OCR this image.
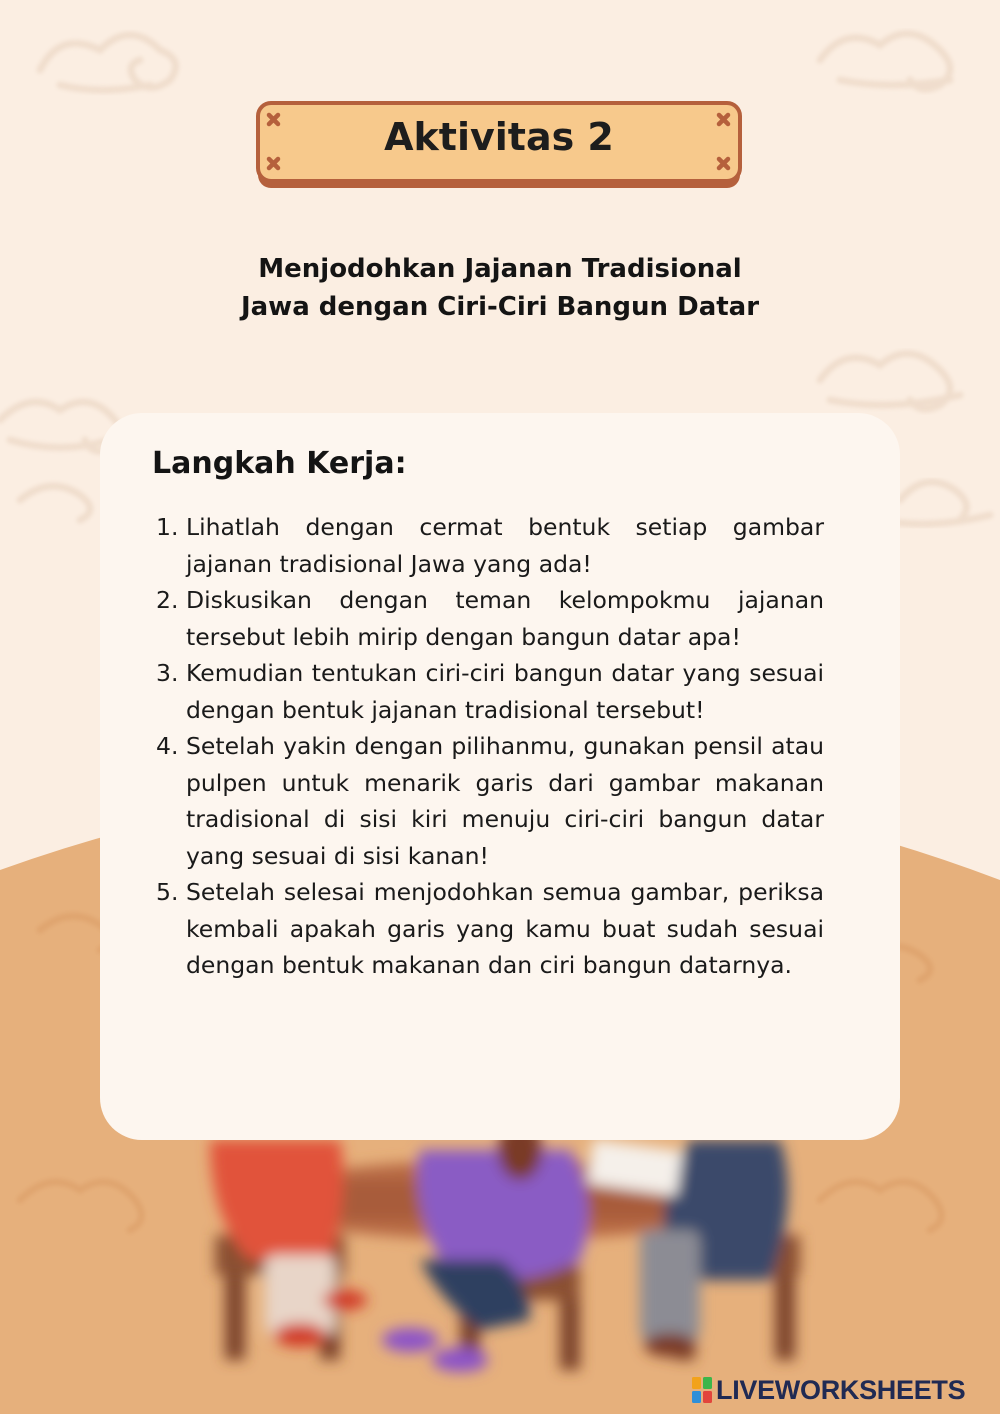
Aktivitas 2
Menjodohkan Jajanan Tradisional
Jawa dengan Ciri-Ciri Bangun Datar
Langkah Kerja:
1. Lihatlah dengan cermat bentuk setiap gambar jajanan tradisional Jawa yang ada!
2. Diskusikan dengan teman kelompokmu jajanan tersebut lebih mirip dengan bangun datar apa!
3. Kemudian tentukan ciri-ciri bangun datar yang sesuai dengan bentuk jajanan tradisional tersebut!
4. Setelah yakin dengan pilihanmu, gunakan pensil atau pulpen untuk menarik garis dari gambar makanan tradisional di sisi kiri menuju ciri-ciri bangun datar yang sesuai di sisi kanan!
5. Setelah selesai menjodohkan semua gambar, periksa kembali apakah garis yang kamu buat sudah sesuai dengan bentuk makanan dan ciri bangun datarnya.
LIVEWORKSHEETS
